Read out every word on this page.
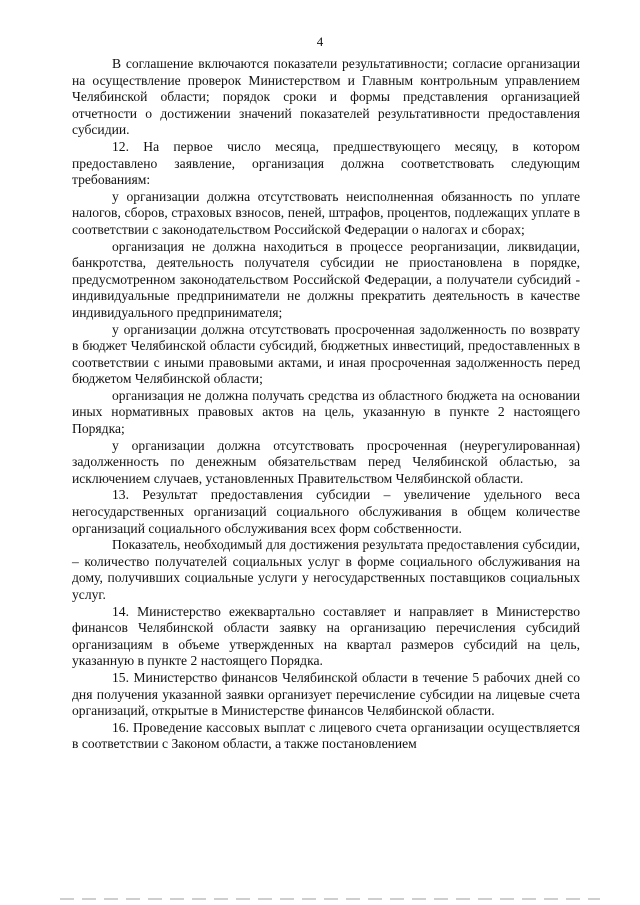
4

В соглашение включаются показатели результативности; согласие организации на осуществление проверок Министерством и Главным контрольным управлением Челябинской области; порядок сроки и формы представления организацией отчетности о достижении значений показателей результативности предоставления субсидии.

12. На первое число месяца, предшествующего месяцу, в котором предоставлено заявление, организация должна соответствовать следующим требованиям:

у организации должна отсутствовать неисполненная обязанность по уплате налогов, сборов, страховых взносов, пеней, штрафов, процентов, подлежащих уплате в соответствии с законодательством Российской Федерации о налогах и сборах;

организация не должна находиться в процессе реорганизации, ликвидации, банкротства, деятельность получателя субсидии не приостановлена в порядке, предусмотренном законодательством Российской Федерации, а получатели субсидий - индивидуальные предприниматели не должны прекратить деятельность в качестве индивидуального предпринимателя;

у организации должна отсутствовать просроченная задолженность по возврату в бюджет Челябинской области субсидий, бюджетных инвестиций, предоставленных в соответствии с иными правовыми актами, и иная просроченная задолженность перед бюджетом Челябинской области;

организация не должна получать средства из областного бюджета на основании иных нормативных правовых актов на цель, указанную в пункте 2 настоящего Порядка;

у организации должна отсутствовать просроченная (неурегулированная) задолженность по денежным обязательствам перед Челябинской областью, за исключением случаев, установленных Правительством Челябинской области.

13. Результат предоставления субсидии – увеличение удельного веса негосударственных организаций социального обслуживания в общем количестве организаций социального обслуживания всех форм собственности.

Показатель, необходимый для достижения результата предоставления субсидии, – количество получателей социальных услуг в форме социального обслуживания на дому, получивших социальные услуги у негосударственных поставщиков социальных услуг.

14. Министерство ежеквартально составляет и направляет в Министерство финансов Челябинской области заявку на организацию перечисления субсидий организациям в объеме утвержденных на квартал размеров субсидий на цель, указанную в пункте 2 настоящего Порядка.

15. Министерство финансов Челябинской области в течение 5 рабочих дней со дня получения указанной заявки организует перечисление субсидии на лицевые счета организаций, открытые в Министерстве финансов Челябинской области.

16. Проведение кассовых выплат с лицевого счета организации осуществляется в соответствии с Законом области, а также постановлением
